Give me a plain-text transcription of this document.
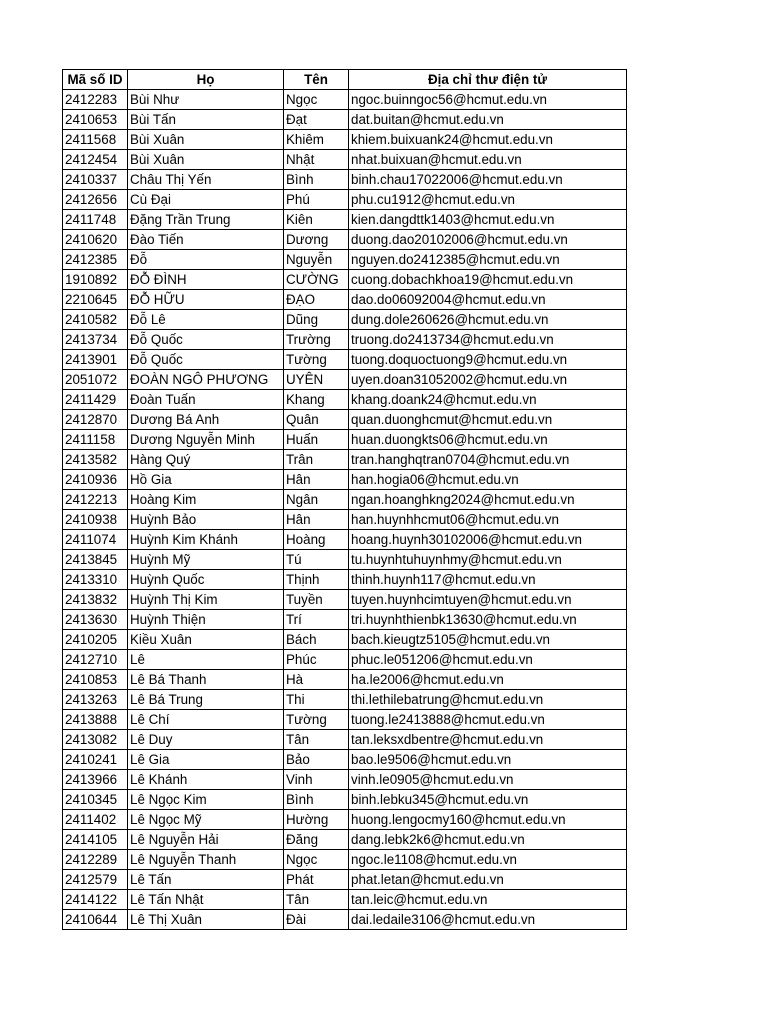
Mã số ID	Họ	Tên	Địa chỉ thư điện tử
2412283	Bùi Như	Ngọc	ngoc.buinngoc56@hcmut.edu.vn
2410653	Bùi Tấn	Đạt	dat.buitan@hcmut.edu.vn
2411568	Bùi Xuân	Khiêm	khiem.buixuank24@hcmut.edu.vn
2412454	Bùi Xuân	Nhật	nhat.buixuan@hcmut.edu.vn
2410337	Châu Thị Yến	Bình	binh.chau17022006@hcmut.edu.vn
2412656	Cù Đại	Phú	phu.cu1912@hcmut.edu.vn
2411748	Đặng Trần Trung	Kiên	kien.dangdttk1403@hcmut.edu.vn
2410620	Đào Tiến	Dương	duong.dao20102006@hcmut.edu.vn
2412385	Đỗ	Nguyễn	nguyen.do2412385@hcmut.edu.vn
1910892	ĐỖ ĐÌNH	CƯỜNG	cuong.dobachkhoa19@hcmut.edu.vn
2210645	ĐỖ HỮU	ĐẠO	dao.do06092004@hcmut.edu.vn
2410582	Đỗ Lê	Dũng	dung.dole260626@hcmut.edu.vn
2413734	Đỗ Quốc	Trường	truong.do2413734@hcmut.edu.vn
2413901	Đỗ Quốc	Tường	tuong.doquoctuong9@hcmut.edu.vn
2051072	ĐOÀN NGÔ PHƯƠNG	UYÊN	uyen.doan31052002@hcmut.edu.vn
2411429	Đoàn Tuấn	Khang	khang.doank24@hcmut.edu.vn
2412870	Dương Bá Anh	Quân	quan.duonghcmut@hcmut.edu.vn
2411158	Dương Nguyễn Minh	Huấn	huan.duongkts06@hcmut.edu.vn
2413582	Hàng Quý	Trân	tran.hanghqtran0704@hcmut.edu.vn
2410936	Hồ Gia	Hân	han.hogia06@hcmut.edu.vn
2412213	Hoàng Kim	Ngân	ngan.hoanghkng2024@hcmut.edu.vn
2410938	Huỳnh Bảo	Hân	han.huynhhcmut06@hcmut.edu.vn
2411074	Huỳnh Kim Khánh	Hoàng	hoang.huynh30102006@hcmut.edu.vn
2413845	Huỳnh Mỹ	Tú	tu.huynhtuhuynhmy@hcmut.edu.vn
2413310	Huỳnh Quốc	Thịnh	thinh.huynh117@hcmut.edu.vn
2413832	Huỳnh Thị Kim	Tuyền	tuyen.huynhcimtuyen@hcmut.edu.vn
2413630	Huỳnh Thiện	Trí	tri.huynhthienbk13630@hcmut.edu.vn
2410205	Kiều Xuân	Bách	bach.kieugtz5105@hcmut.edu.vn
2412710	Lê	Phúc	phuc.le051206@hcmut.edu.vn
2410853	Lê Bá Thanh	Hà	ha.le2006@hcmut.edu.vn
2413263	Lê Bá Trung	Thi	thi.lethilebatrung@hcmut.edu.vn
2413888	Lê Chí	Tường	tuong.le2413888@hcmut.edu.vn
2413082	Lê Duy	Tân	tan.leksxdbentre@hcmut.edu.vn
2410241	Lê Gia	Bảo	bao.le9506@hcmut.edu.vn
2413966	Lê Khánh	Vinh	vinh.le0905@hcmut.edu.vn
2410345	Lê Ngọc Kim	Bình	binh.lebku345@hcmut.edu.vn
2411402	Lê Ngọc Mỹ	Hường	huong.lengocmy160@hcmut.edu.vn
2414105	Lê Nguyễn Hải	Đăng	dang.lebk2k6@hcmut.edu.vn
2412289	Lê Nguyễn Thanh	Ngọc	ngoc.le1108@hcmut.edu.vn
2412579	Lê Tấn	Phát	phat.letan@hcmut.edu.vn
2414122	Lê Tấn Nhật	Tân	tan.leic@hcmut.edu.vn
2410644	Lê Thị Xuân	Đài	dai.ledaile3106@hcmut.edu.vn
